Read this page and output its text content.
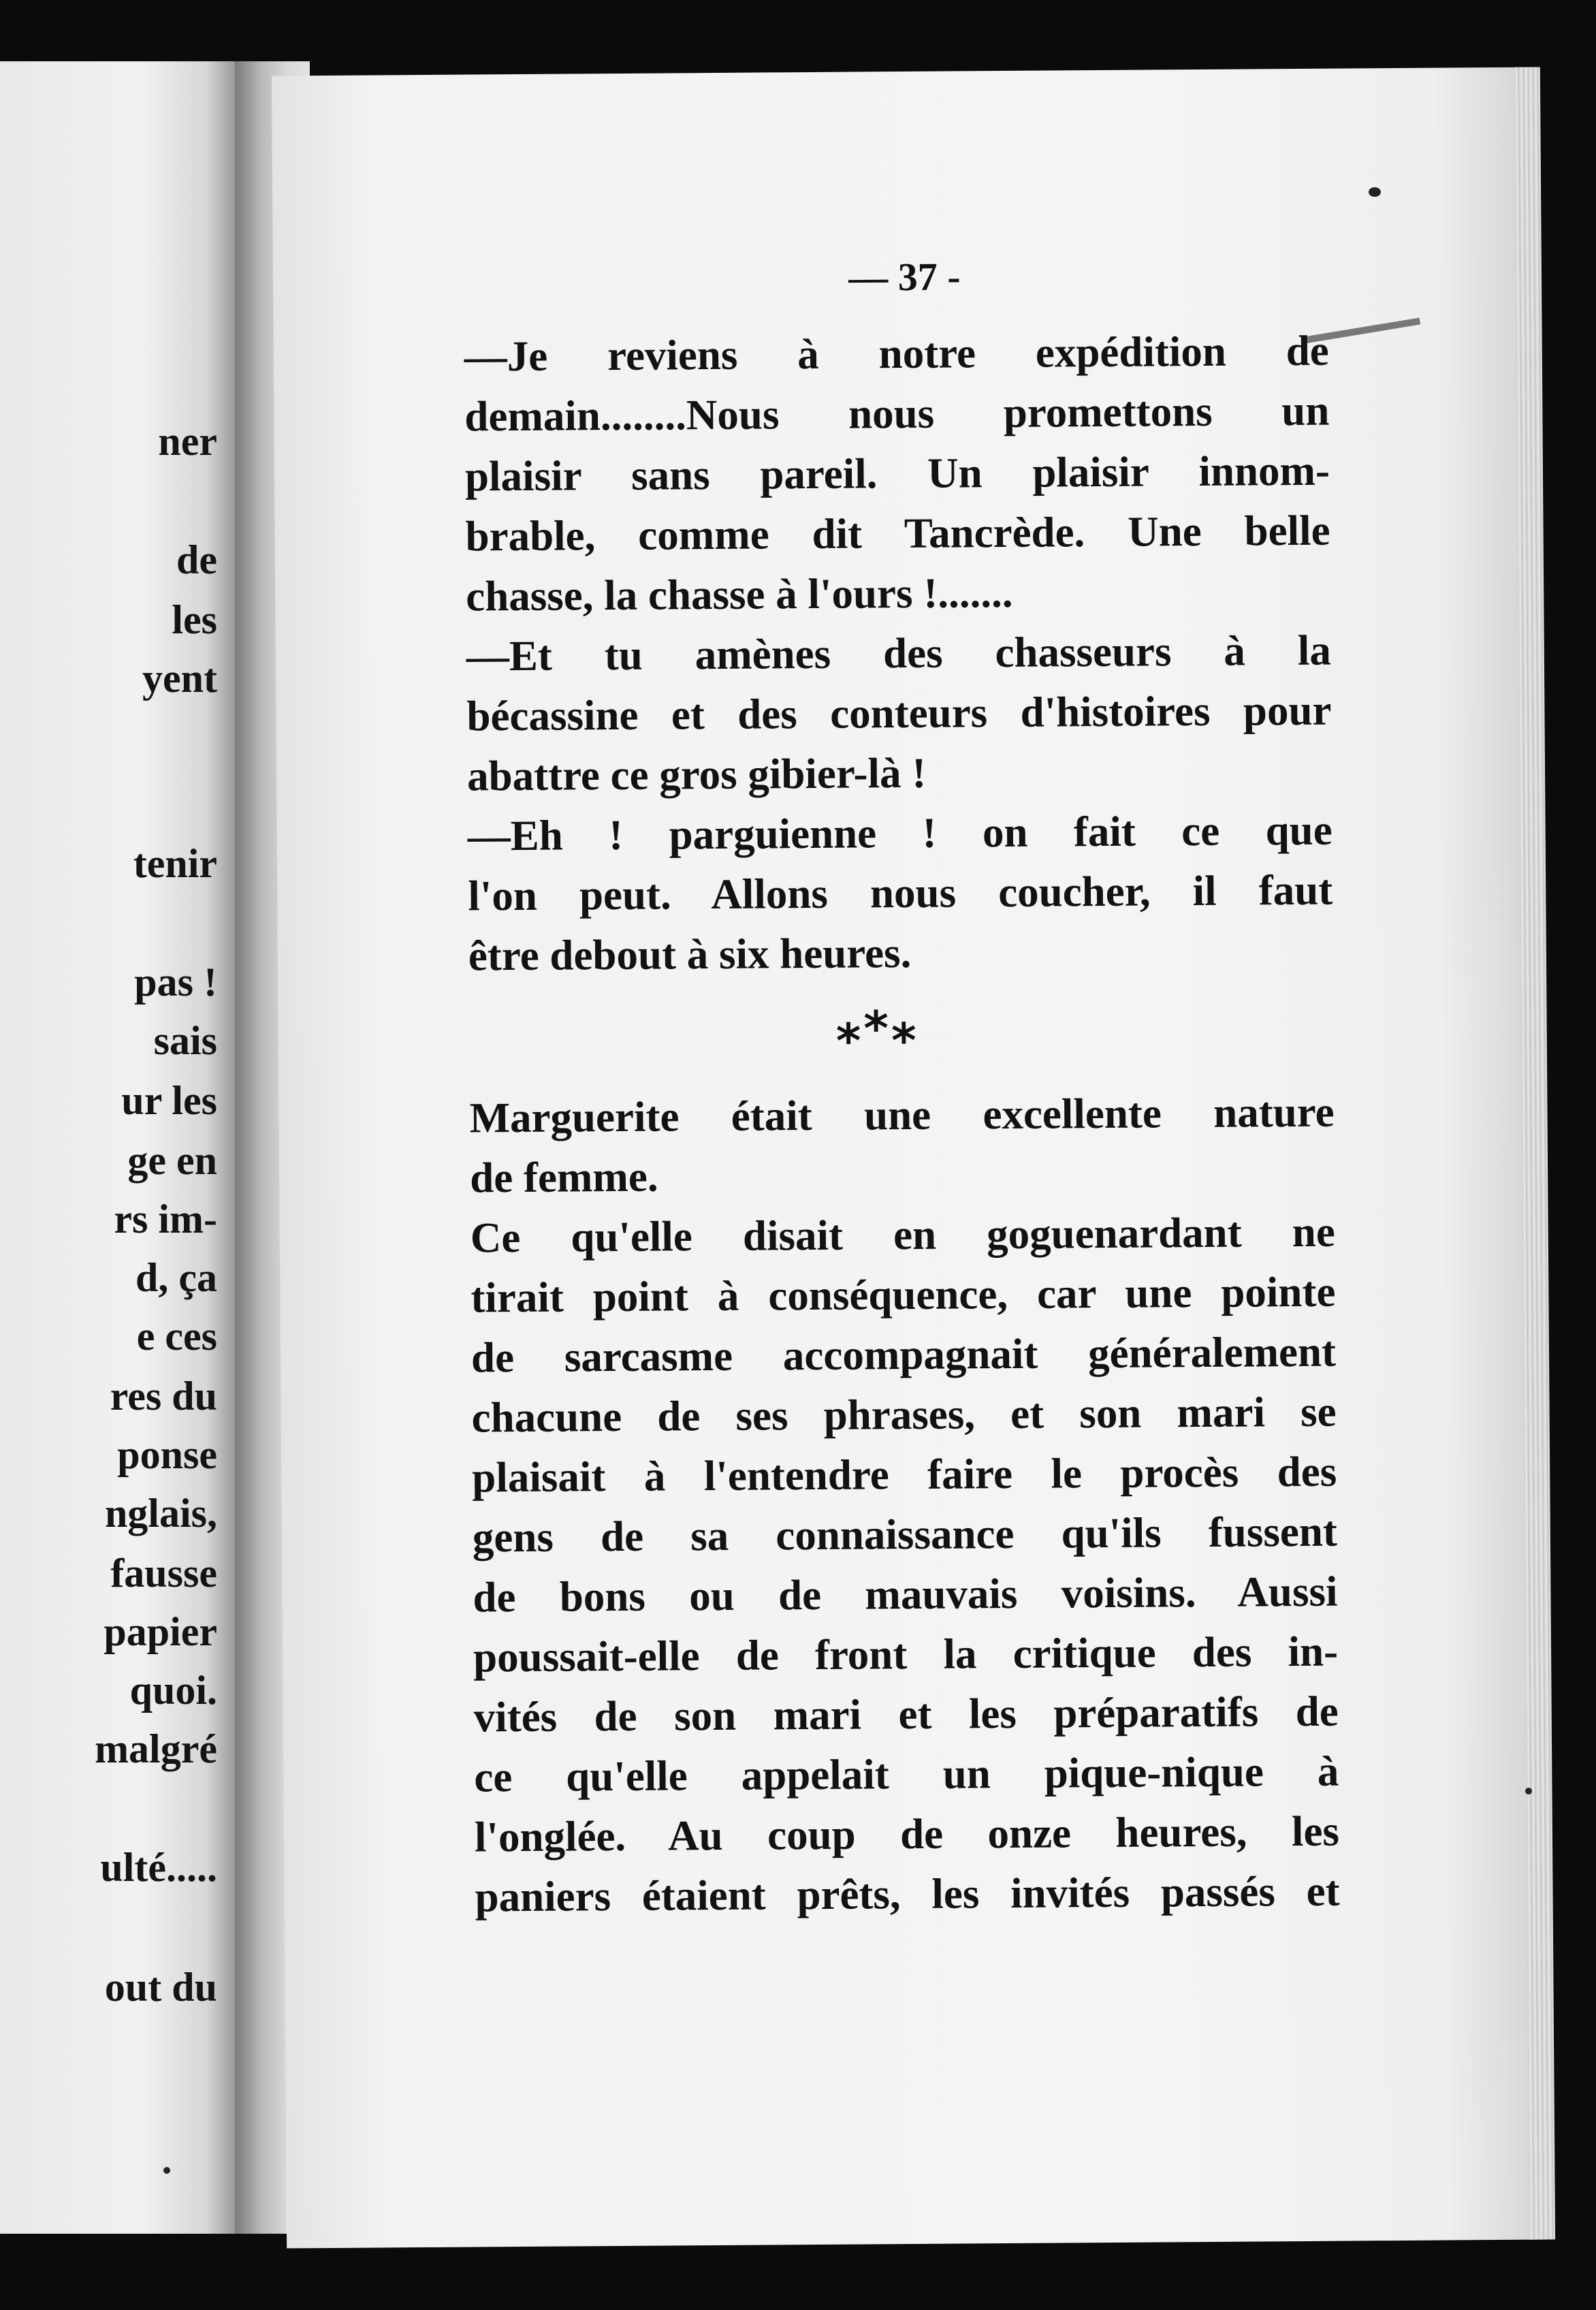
ner

de

les

yent

tenir

pas !

sais

ur les

ge en

rs im-

d, ça

e ces

res du

ponse

nglais,

fausse

papier

quoi.

malgré

ulté.....

out du

— 37 -

—Je reviens à notre expédition de
demain........Nous nous promettons un
plaisir sans pareil. Un plaisir innom-
brable, comme dit Tancrède. Une belle
chasse, la chasse à l'ours !.......

—Et tu amènes des chasseurs à la
bécassine et des conteurs d'histoires pour
abattre ce gros gibier-là !

—Eh ! parguienne ! on fait ce que
l'on peut. Allons nous coucher, il faut
être debout à six heures.

***

Marguerite était une excellente nature
de femme.

Ce qu'elle disait en goguenardant ne
tirait point à conséquence, car une pointe
de sarcasme accompagnait généralement
chacune de ses phrases, et son mari se
plaisait à l'entendre faire le procès des
gens de sa connaissance qu'ils fussent
de bons ou de mauvais voisins. Aussi
poussait-elle de front la critique des in-
vités de son mari et les préparatifs de
ce qu'elle appelait un pique-nique à
l'onglée. Au coup de onze heures, les
paniers étaient prêts, les invités passés et
